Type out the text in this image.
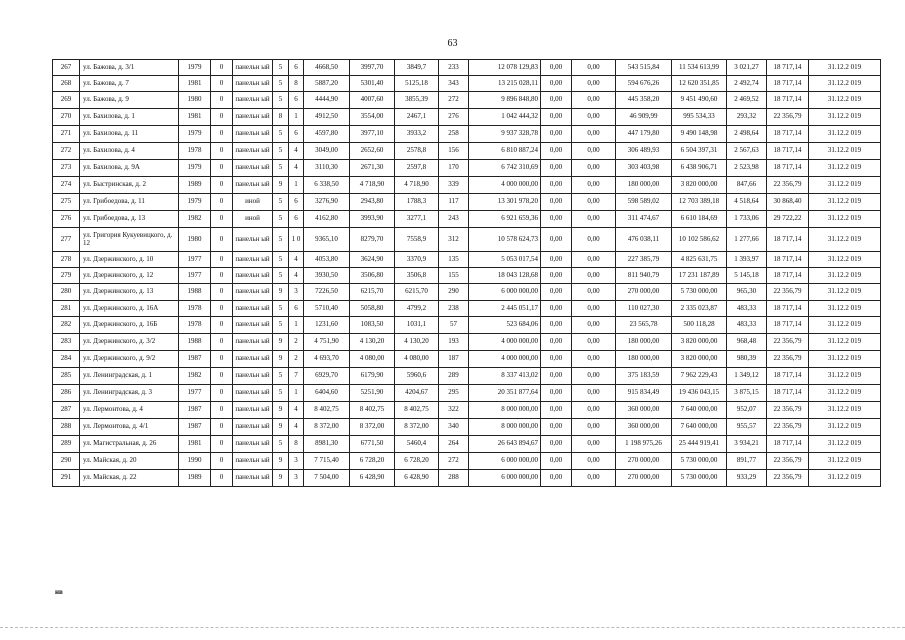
63
267	ул. Бажова, д. 3/1	1979	0	панельн ый	5	6	4668,50	3997,70	3849,7	233	12 078 129,83	0,00	0,00	543 515,84	11 534 613,99	3 021,27	18 717,14	31.12.2 019
268	ул. Бажова, д. 7	1981	0	панельн ый	5	8	5887,20	5301,40	5125,18	343	13 215 028,11	0,00	0,00	594 676,26	12 620 351,85	2 492,74	18 717,14	31.12.2 019
269	ул. Бажова, д. 9	1980	0	панельн ый	5	6	4444,90	4007,60	3855,39	272	9 896 848,80	0,00	0,00	445 358,20	9 451 490,60	2 469,52	18 717,14	31.12.2 019
270	ул. Бахилова, д. 1	1981	0	панельн ый	8	1	4912,50	3554,00	2467,1	276	1 042 444,32	0,00	0,00	46 909,99	995 534,33	293,32	22 356,79	31.12.2 019
271	ул. Бахилова, д. 11	1979	0	панельн ый	5	6	4597,80	3977,10	3933,2	258	9 937 328,78	0,00	0,00	447 179,80	9 490 148,98	2 498,64	18 717,14	31.12.2 019
272	ул. Бахилова, д. 4	1978	0	панельн ый	5	4	3049,00	2652,60	2578,8	156	6 810 887,24	0,00	0,00	306 489,93	6 504 397,31	2 567,63	18 717,14	31.12.2 019
273	ул. Бахилова, д. 9А	1979	0	панельн ый	5	4	3110,30	2671,30	2597,8	170	6 742 310,69	0,00	0,00	303 403,98	6 438 906,71	2 523,98	18 717,14	31.12.2 019
274	ул. Быстринская, д. 2	1989	0	панельн ый	9	1	6 338,50	4 718,90	4 718,90	339	4 000 000,00	0,00	0,00	180 000,00	3 820 000,00	847,66	22 356,79	31.12.2 019
275	ул. Грибоедова, д. 11	1979	0	иной	5	6	3276,90	2943,80	1788,3	117	13 301 978,20	0,00	0,00	598 589,02	12 703 389,18	4 518,64	30 868,40	31.12.2 019
276	ул. Грибоедова, д. 13	1982	0	иной	5	6	4162,80	3993,90	3277,1	243	6 921 659,36	0,00	0,00	311 474,67	6 610 184,69	1 733,06	29 722,22	31.12.2 019
277	ул. Григория Кукуевицкого, д. 12	1980	0	панельн ый	5	1 0	9365,10	8279,70	7558,9	312	10 578 624,73	0,00	0,00	476 038,11	10 102 586,62	1 277,66	18 717,14	31.12.2 019
278	ул. Дзержинского, д. 10	1977	0	панельн ый	5	4	4053,80	3624,90	3370,9	135	5 053 017,54	0,00	0,00	227 385,79	4 825 631,75	1 393,97	18 717,14	31.12.2 019
279	ул. Дзержинского, д. 12	1977	0	панельн ый	5	4	3930,50	3506,80	3506,8	155	18 043 128,68	0,00	0,00	811 940,79	17 231 187,89	5 145,18	18 717,14	31.12.2 019
280	ул. Дзержинского, д. 13	1988	0	панельн ый	9	3	7226,50	6215,70	6215,70	290	6 000 000,00	0,00	0,00	270 000,00	5 730 000,00	965,30	22 356,79	31.12.2 019
281	ул. Дзержинского, д. 16А	1978	0	панельн ый	5	6	5710,40	5058,80	4799,2	238	2 445 051,17	0,00	0,00	110 027,30	2 335 023,87	483,33	18 717,14	31.12.2 019
282	ул. Дзержинского, д. 16Б	1978	0	панельн ый	5	1	1231,60	1083,50	1031,1	57	523 684,06	0,00	0,00	23 565,78	500 118,28	483,33	18 717,14	31.12.2 019
283	ул. Дзержинского, д. 3/2	1988	0	панельн ый	9	2	4 751,90	4 130,20	4 130,20	193	4 000 000,00	0,00	0,00	180 000,00	3 820 000,00	968,48	22 356,79	31.12.2 019
284	ул. Дзержинского, д. 9/2	1987	0	панельн ый	9	2	4 693,70	4 080,00	4 080,00	187	4 000 000,00	0,00	0,00	180 000,00	3 820 000,00	980,39	22 356,79	31.12.2 019
285	ул. Ленинградская, д. 1	1982	0	панельн ый	5	7	6929,70	6179,90	5960,6	289	8 337 413,02	0,00	0,00	375 183,59	7 962 229,43	1 349,12	18 717,14	31.12.2 019
286	ул. Ленинградская, д. 3	1977	0	панельн ый	5	1	6404,60	5251,90	4204,67	295	20 351 877,64	0,00	0,00	915 834,49	19 436 043,15	3 875,15	18 717,14	31.12.2 019
287	ул. Лермонтова, д. 4	1987	0	панельн ый	9	4	8 402,75	8 402,75	8 402,75	322	8 000 000,00	0,00	0,00	360 000,00	7 640 000,00	952,07	22 356,79	31.12.2 019
288	ул. Лермонтова, д. 4/1	1987	0	панельн ый	9	4	8 372,00	8 372,00	8 372,00	340	8 000 000,00	0,00	0,00	360 000,00	7 640 000,00	955,57	22 356,79	31.12.2 019
289	ул. Магистральная, д. 26	1981	0	панельн ый	5	8	8981,30	6771,50	5460,4	264	26 643 894,67	0,00	0,00	1 198 975,26	25 444 919,41	3 934,21	18 717,14	31.12.2 019
290	ул. Майская, д. 20	1990	0	панельн ый	9	3	7 715,40	6 728,20	6 728,20	272	6 000 000,00	0,00	0,00	270 000,00	5 730 000,00	891,77	22 356,79	31.12.2 019
291	ул. Майская, д. 22	1989	0	панельн ый	9	3	7 504,00	6 428,90	6 428,90	288	6 000 000,00	0,00	0,00	270 000,00	5 730 000,00	933,29	22 356,79	31.12.2 019
нв
